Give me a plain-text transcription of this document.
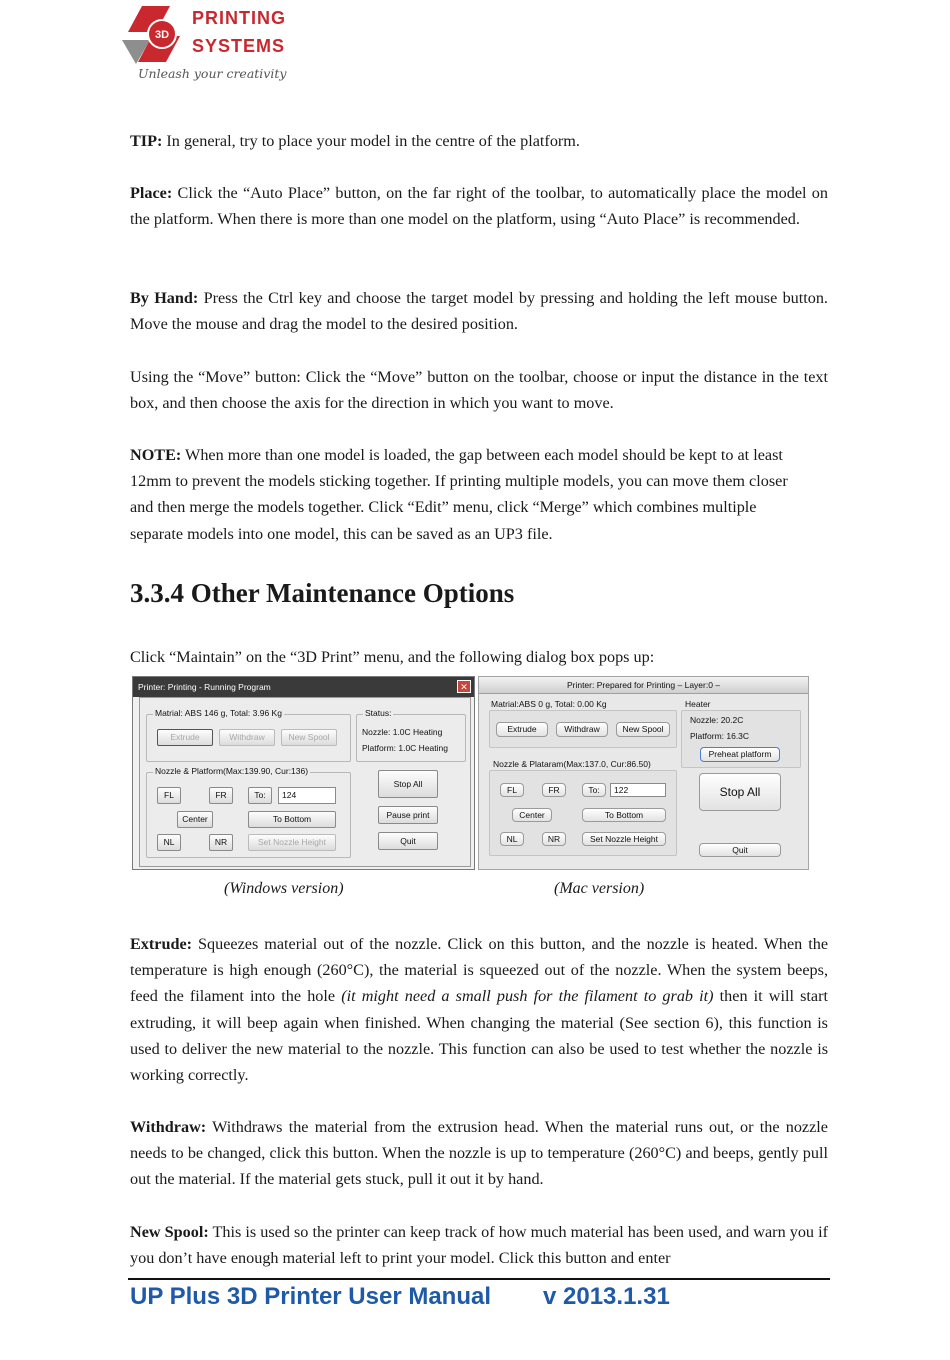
3D
PRINTING
SYSTEMS
Unleash your creativity

TIP: In general, try to place your model in the centre of the platform.

Place: Click the “Auto Place” button, on the far right of the toolbar, to automatically place the model on the platform. When there is more than one model on the platform, using “Auto Place” is recommended.

By Hand: Press the Ctrl key and choose the target model by pressing and holding the left mouse button. Move the mouse and drag the model to the desired position.

Using the “Move” button: Click the “Move” button on the toolbar, choose or input the distance in the text box, and then choose the axis for the direction in which you want to move.

NOTE: When more than one model is loaded, the gap between each model should be kept to at least 12mm to prevent the models sticking together. If printing multiple models, you can move them closer and then merge the models together. Click “Edit” menu, click “Merge” which combines multiple separate models into one model, this can be saved as an UP3 file.

3.3.4 Other Maintenance Options

Click “Maintain” on the “3D Print” menu, and the following dialog box pops up:

Printer: Printing - Running Program	✕
Matrial: ABS 146 g, Total: 3.96 Kg
Extrude	Withdraw	New Spool
Status:
Nozzle: 1.0C Heating
Platform: 1.0C Heating
Nozzle & Platform(Max:139.90, Cur:136)
FL	FR	To:	124
Center	To Bottom
NL	NR	Set Nozzle Height
Stop All
Pause print
Quit
Printer: Prepared for Printing – Layer:0 –
Matrial:ABS 0 g, Total: 0.00 Kg
Extrude	Withdraw	New Spool
Heater
Nozzle: 20.2C
Platform: 16.3C
Preheat platform
Nozzle & Plataram(Max:137.0, Cur:86.50)
FL	FR	To:	122
Center	To Bottom
NL	NR	Set Nozzle Height
Stop All
Quit
(Windows version)	(Mac version)

Extrude: Squeezes material out of the nozzle. Click on this button, and the nozzle is heated. When the temperature is high enough (260°C), the material is squeezed out of the nozzle. When the system beeps, feed the filament into the hole (it might need a small push for the filament to grab it) then it will start extruding, it will beep again when finished. When changing the material (See section 6), this function is used to deliver the new material to the nozzle. This function can also be used to test whether the nozzle is working correctly.

Withdraw: Withdraws the material from the extrusion head. When the material runs out, or the nozzle needs to be changed, click this button. When the nozzle is up to temperature (260°C) and beeps, gently pull out the material. If the material gets stuck, pull it out it by hand.

New Spool: This is used so the printer can keep track of how much material has been used, and warn you if you don’t have enough material left to print your model. Click this button and enter

UP Plus 3D Printer User Manual v 2013.1.31
